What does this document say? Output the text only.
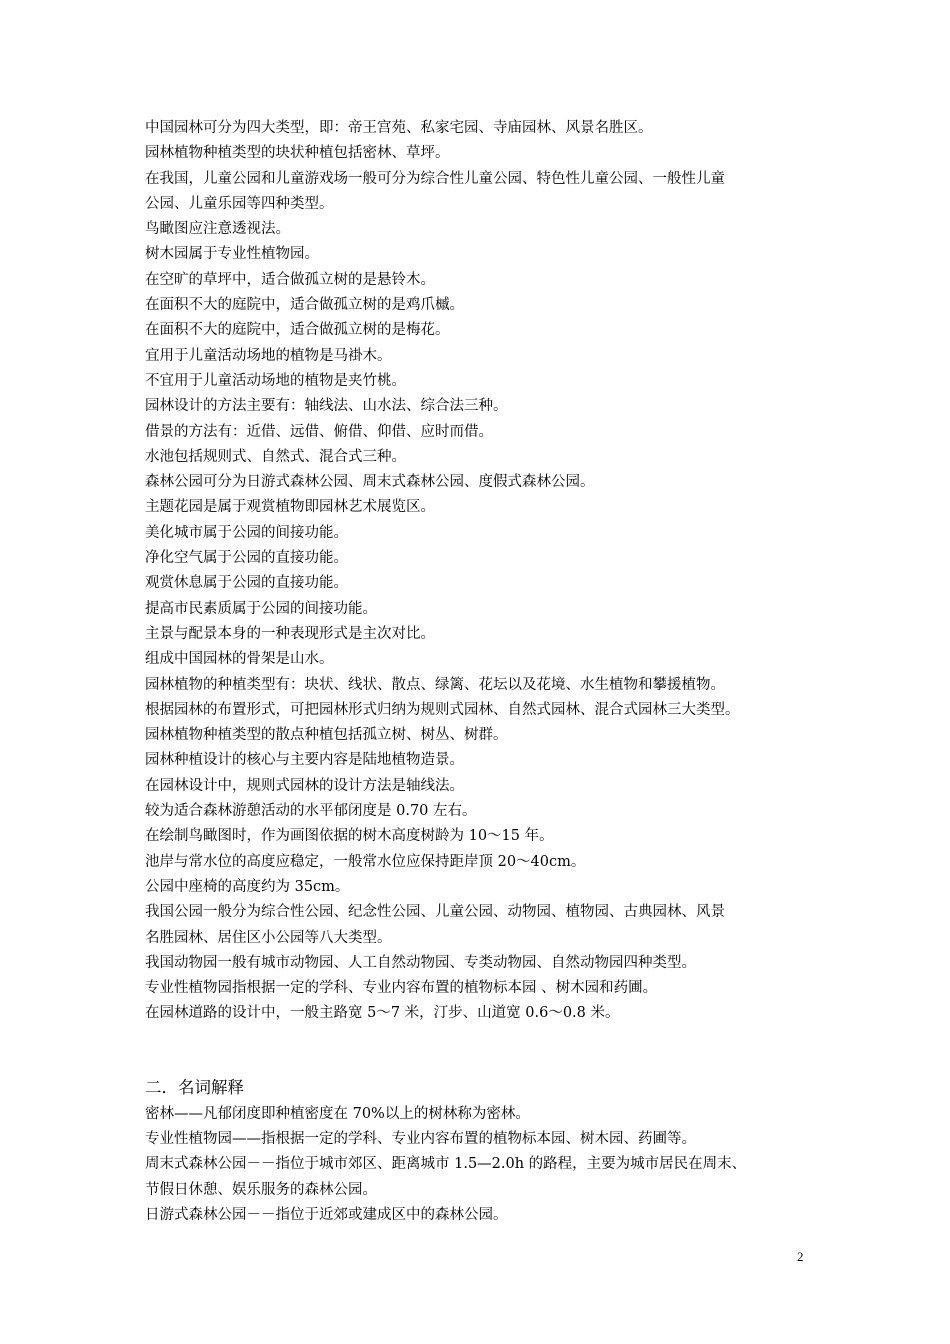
中国园林可分为四大类型，即：帝王宫苑、私家宅园、寺庙园林、风景名胜区。
园林植物种植类型的块状种植包括密林、草坪。
在我国，儿童公园和儿童游戏场一般可分为综合性儿童公园、特色性儿童公园、一般性儿童
公园、儿童乐园等四种类型。
鸟瞰图应注意透视法。
树木园属于专业性植物园。
在空旷的草坪中，适合做孤立树的是悬铃木。
在面积不大的庭院中，适合做孤立树的是鸡爪槭。
在面积不大的庭院中，适合做孤立树的是梅花。
宜用于儿童活动场地的植物是马褂木。
不宜用于儿童活动场地的植物是夹竹桃。
园林设计的方法主要有：轴线法、山水法、综合法三种。
借景的方法有：近借、远借、俯借、仰借、应时而借。
水池包括规则式、自然式、混合式三种。
森林公园可分为日游式森林公园、周末式森林公园、度假式森林公园。
主题花园是属于观赏植物即园林艺术展览区。
美化城市属于公园的间接功能。
净化空气属于公园的直接功能。
观赏休息属于公园的直接功能。
提高市民素质属于公园的间接功能。
主景与配景本身的一种表现形式是主次对比。
组成中国园林的骨架是山水。
园林植物的种植类型有：块状、线状、散点、绿篱、花坛以及花境、水生植物和攀援植物。
根据园林的布置形式，可把园林形式归纳为规则式园林、自然式园林、混合式园林三大类型。
园林植物种植类型的散点种植包括孤立树、树丛、树群。
园林种植设计的核心与主要内容是陆地植物造景。
在园林设计中，规则式园林的设计方法是轴线法。
较为适合森林游憩活动的水平郁闭度是 0.70 左右。
在绘制鸟瞰图时，作为画图依据的树木高度树龄为 10～15 年。
池岸与常水位的高度应稳定，一般常水位应保持距岸顶 20～40cm。
公园中座椅的高度约为 35cm。
我国公园一般分为综合性公园、纪念性公园、儿童公园、动物园、植物园、古典园林、风景
名胜园林、居住区小公园等八大类型。
我国动物园一般有城市动物园、人工自然动物园、专类动物园、自然动物园四种类型。
专业性植物园指根据一定的学科、专业内容布置的植物标本园 、树木园和药圃。
在园林道路的设计中，一般主路宽 5～7 米，汀步、山道宽 0.6～0.8 米。
二．名词解释
密林——凡郁闭度即种植密度在 70%以上的树林称为密林。
专业性植物园——指根据一定的学科、专业内容布置的植物标本园、树木园、药圃等。
周末式森林公园－－指位于城市郊区、距离城市 1.5—2.0h 的路程，主要为城市居民在周末、
节假日休憩、娱乐服务的森林公园。
日游式森林公园－－指位于近郊或建成区中的森林公园。
2
